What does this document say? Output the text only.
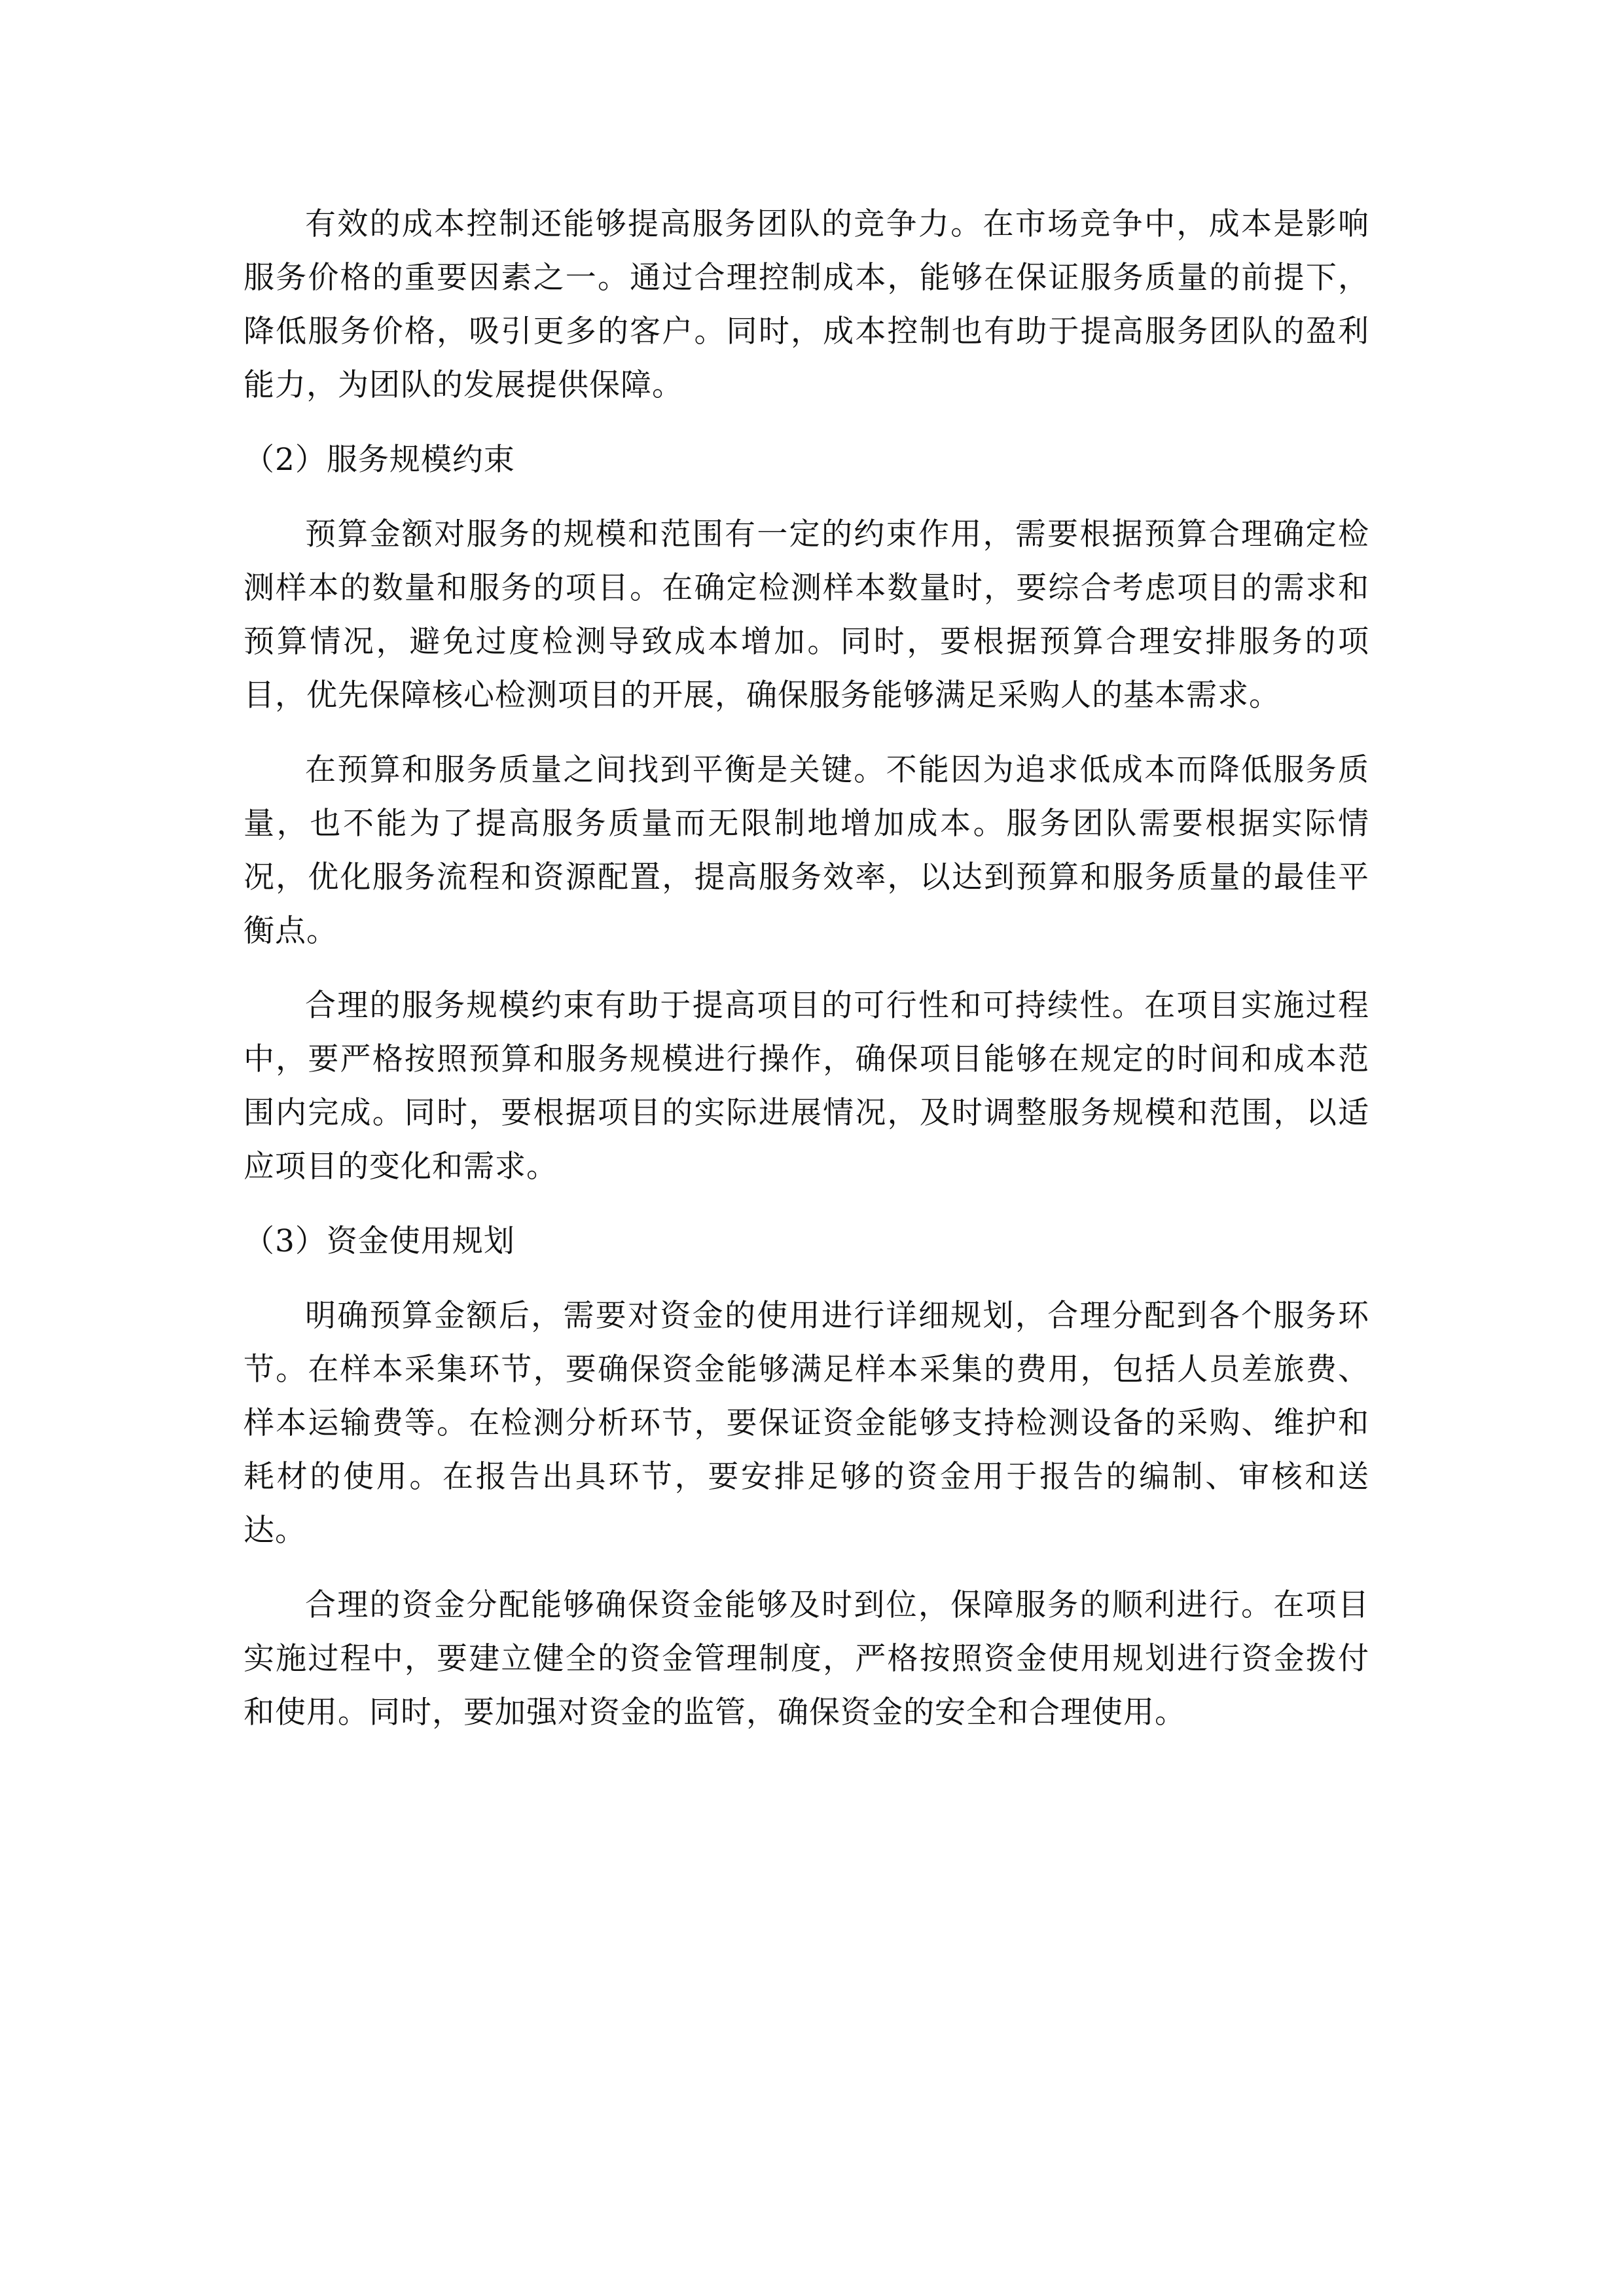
有效的成本控制还能够提高服务团队的竞争力。在市场竞争中，成本是影响服务价格的重要因素之一。通过合理控制成本，能够在保证服务质量的前提下，降低服务价格，吸引更多的客户。同时，成本控制也有助于提高服务团队的盈利能力，为团队的发展提供保障。

（2）服务规模约束

预算金额对服务的规模和范围有一定的约束作用，需要根据预算合理确定检测样本的数量和服务的项目。在确定检测样本数量时，要综合考虑项目的需求和预算情况，避免过度检测导致成本增加。同时，要根据预算合理安排服务的项目，优先保障核心检测项目的开展，确保服务能够满足采购人的基本需求。

在预算和服务质量之间找到平衡是关键。不能因为追求低成本而降低服务质量，也不能为了提高服务质量而无限制地增加成本。服务团队需要根据实际情况，优化服务流程和资源配置，提高服务效率，以达到预算和服务质量的最佳平衡点。

合理的服务规模约束有助于提高项目的可行性和可持续性。在项目实施过程中，要严格按照预算和服务规模进行操作，确保项目能够在规定的时间和成本范围内完成。同时，要根据项目的实际进展情况，及时调整服务规模和范围，以适应项目的变化和需求。

（3）资金使用规划

明确预算金额后，需要对资金的使用进行详细规划，合理分配到各个服务环节。在样本采集环节，要确保资金能够满足样本采集的费用，包括人员差旅费、样本运输费等。在检测分析环节，要保证资金能够支持检测设备的采购、维护和耗材的使用。在报告出具环节，要安排足够的资金用于报告的编制、审核和送达。

合理的资金分配能够确保资金能够及时到位，保障服务的顺利进行。在项目实施过程中，要建立健全的资金管理制度，严格按照资金使用规划进行资金拨付和使用。同时，要加强对资金的监管，确保资金的安全和合理使用。
